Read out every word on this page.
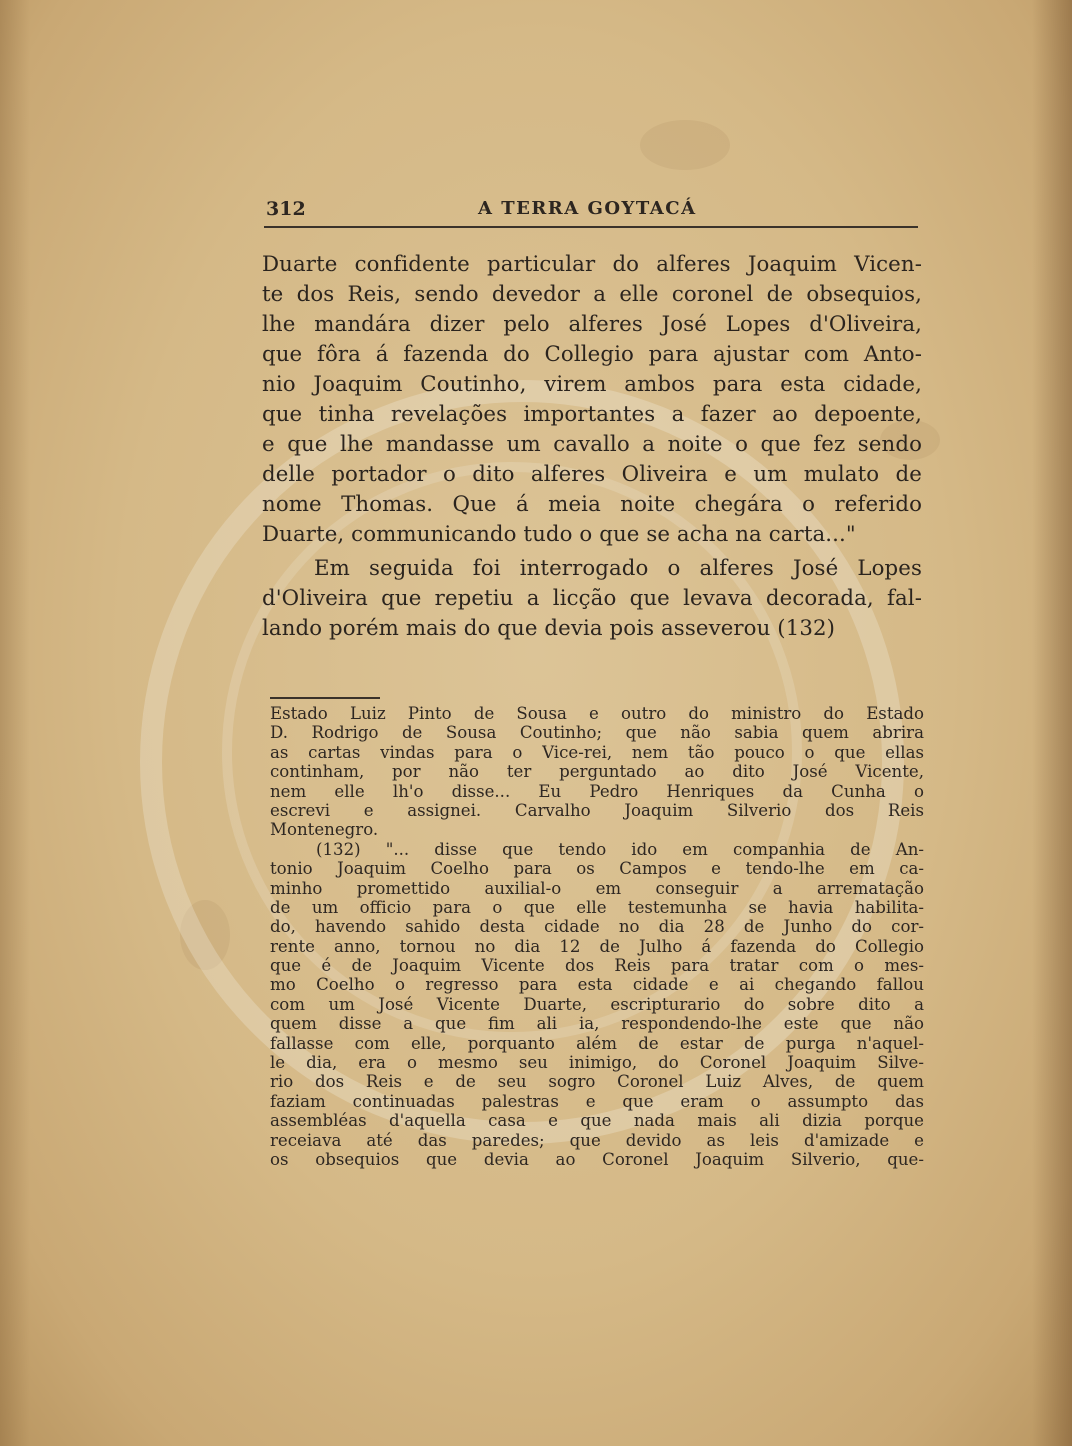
312	A TERRA GOYTACÁ
Duarte confidente particular do alferes Joaquim Vicen-
te dos Reis, sendo devedor a elle coronel de obsequios,
lhe mandára dizer pelo alferes José Lopes d'Oliveira,
que fôra á fazenda do Collegio para ajustar com Anto-
nio Joaquim Coutinho, virem ambos para esta cidade,
que tinha revelações importantes a fazer ao depoente,
e que lhe mandasse um cavallo a noite o que fez sendo
delle portador o dito alferes Oliveira e um mulato de
nome Thomas. Que á meia noite chegára o referido
Duarte, communicando tudo o que se acha na carta..."
Em seguida foi interrogado o alferes José Lopes
d'Oliveira que repetiu a licção que levava decorada, fal-
lando porém mais do que devia pois asseverou (132)
Estado Luiz Pinto de Sousa e outro do ministro do Estado
D. Rodrigo de Sousa Coutinho; que não sabia quem abrira
as cartas vindas para o Vice-rei, nem tão pouco o que ellas
continham, por não ter perguntado ao dito José Vicente,
nem elle lh'o disse... Eu Pedro Henriques da Cunha o
escrevi e assignei. Carvalho Joaquim Silverio dos Reis
Montenegro.
(132) "... disse que tendo ido em companhia de An-
tonio Joaquim Coelho para os Campos e tendo-lhe em ca-
minho promettido auxilial-o em conseguir a arrematação
de um officio para o que elle testemunha se havia habilita-
do, havendo sahido desta cidade no dia 28 de Junho do cor-
rente anno, tornou no dia 12 de Julho á fazenda do Collegio
que é de Joaquim Vicente dos Reis para tratar com o mes-
mo Coelho o regresso para esta cidade e ai chegando fallou
com um José Vicente Duarte, escripturario do sobre dito a
quem disse a que fim ali ia, respondendo-lhe este que não
fallasse com elle, porquanto além de estar de purga n'aquel-
le dia, era o mesmo seu inimigo, do Coronel Joaquim Silve-
rio dos Reis e de seu sogro Coronel Luiz Alves, de quem
faziam continuadas palestras e que eram o assumpto das
assembléas d'aquella casa e que nada mais ali dizia porque
receiava até das paredes; que devido as leis d'amizade e
os obsequios que devia ao Coronel Joaquim Silverio, que-
